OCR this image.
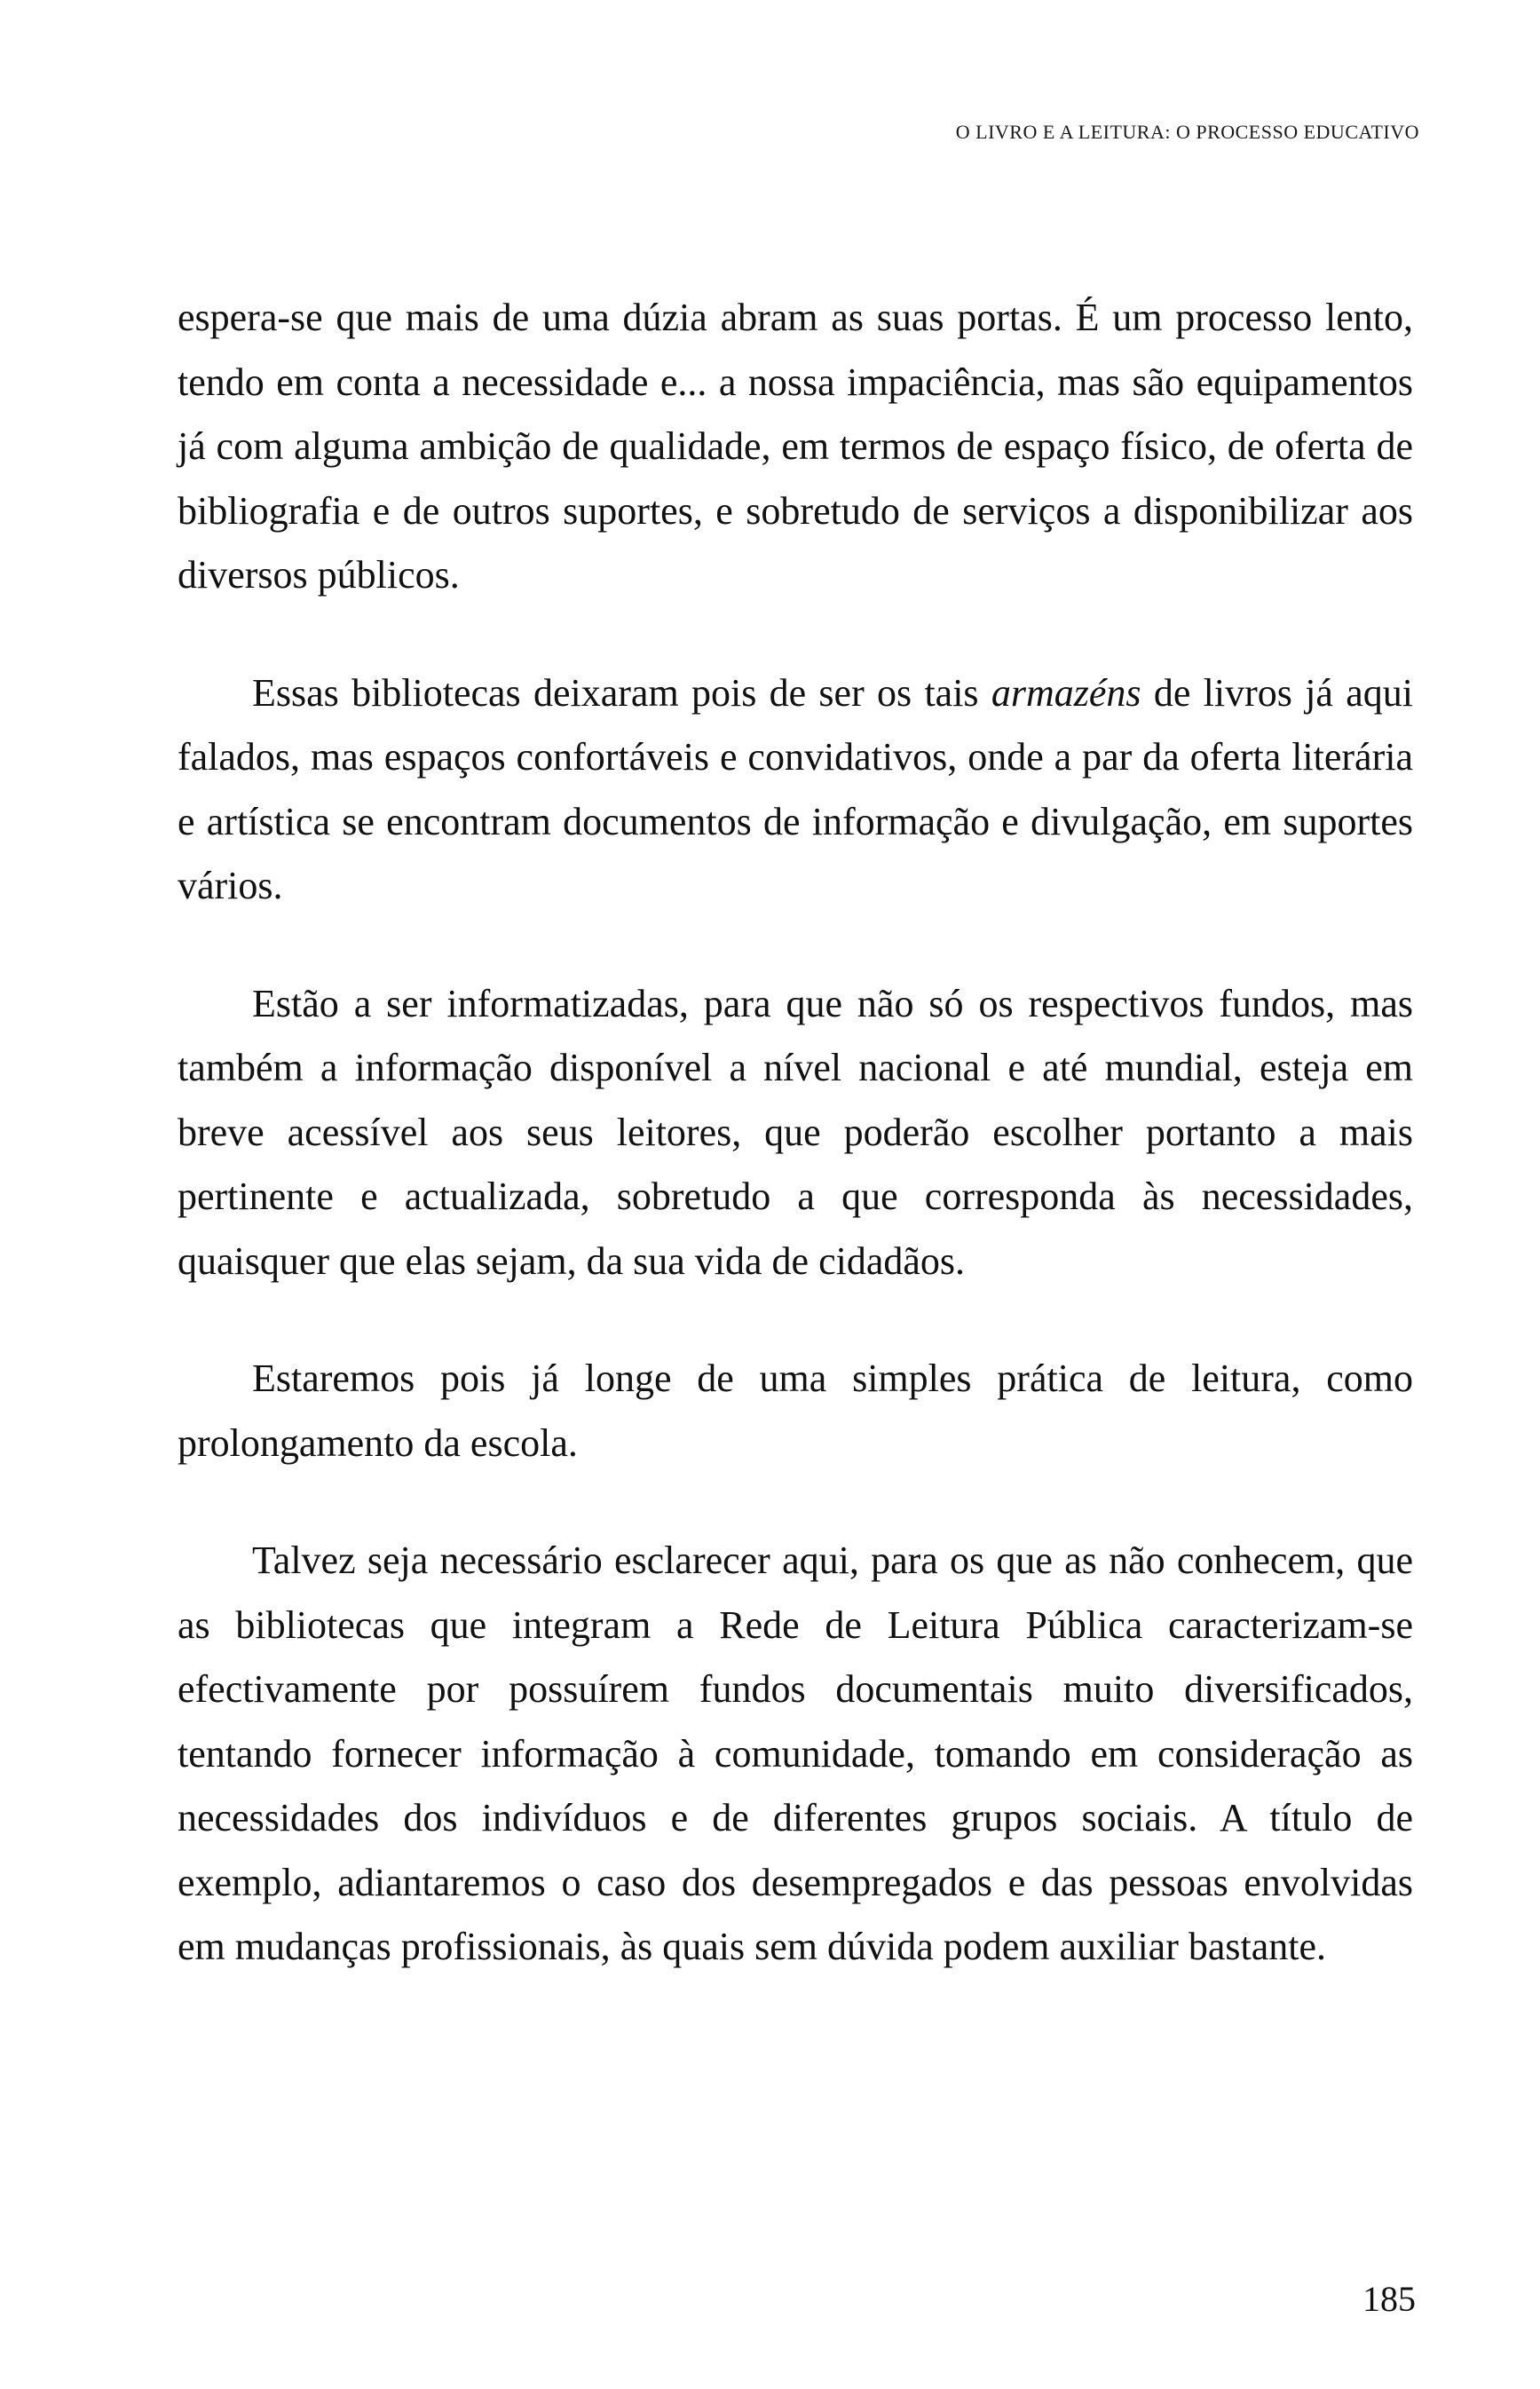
O LIVRO E A LEITURA: O PROCESSO EDUCATIVO

espera-se que mais de uma dúzia abram as suas portas. É um processo lento, tendo em conta a necessidade e... a nossa impaciência, mas são equipamentos já com alguma ambição de qualidade, em termos de espaço físico, de oferta de bibliografia e de outros suportes, e sobretudo de serviços a disponibilizar aos diversos públicos.

Essas bibliotecas deixaram pois de ser os tais armazéns de livros já aqui falados, mas espaços confortáveis e convidativos, onde a par da oferta literária e artística se encontram documentos de informação e divulgação, em suportes vários.

Estão a ser informatizadas, para que não só os respectivos fundos, mas também a informação disponível a nível nacional e até mundial, esteja em breve acessível aos seus leitores, que poderão escolher portanto a mais pertinente e actualizada, sobretudo a que corresponda às necessidades, quaisquer que elas sejam, da sua vida de cidadãos.

Estaremos pois já longe de uma simples prática de leitura, como prolongamento da escola.

Talvez seja necessário esclarecer aqui, para os que as não conhecem, que as bibliotecas que integram a Rede de Leitura Pública caracterizam-se efectivamente por possuírem fundos documentais muito diversificados, tentando fornecer informação à comunidade, tomando em consideração as necessidades dos indivíduos e de diferentes grupos sociais. A título de exemplo, adiantaremos o caso dos desempregados e das pessoas envolvidas em mudanças profissionais, às quais sem dúvida podem auxiliar bastante.

185
